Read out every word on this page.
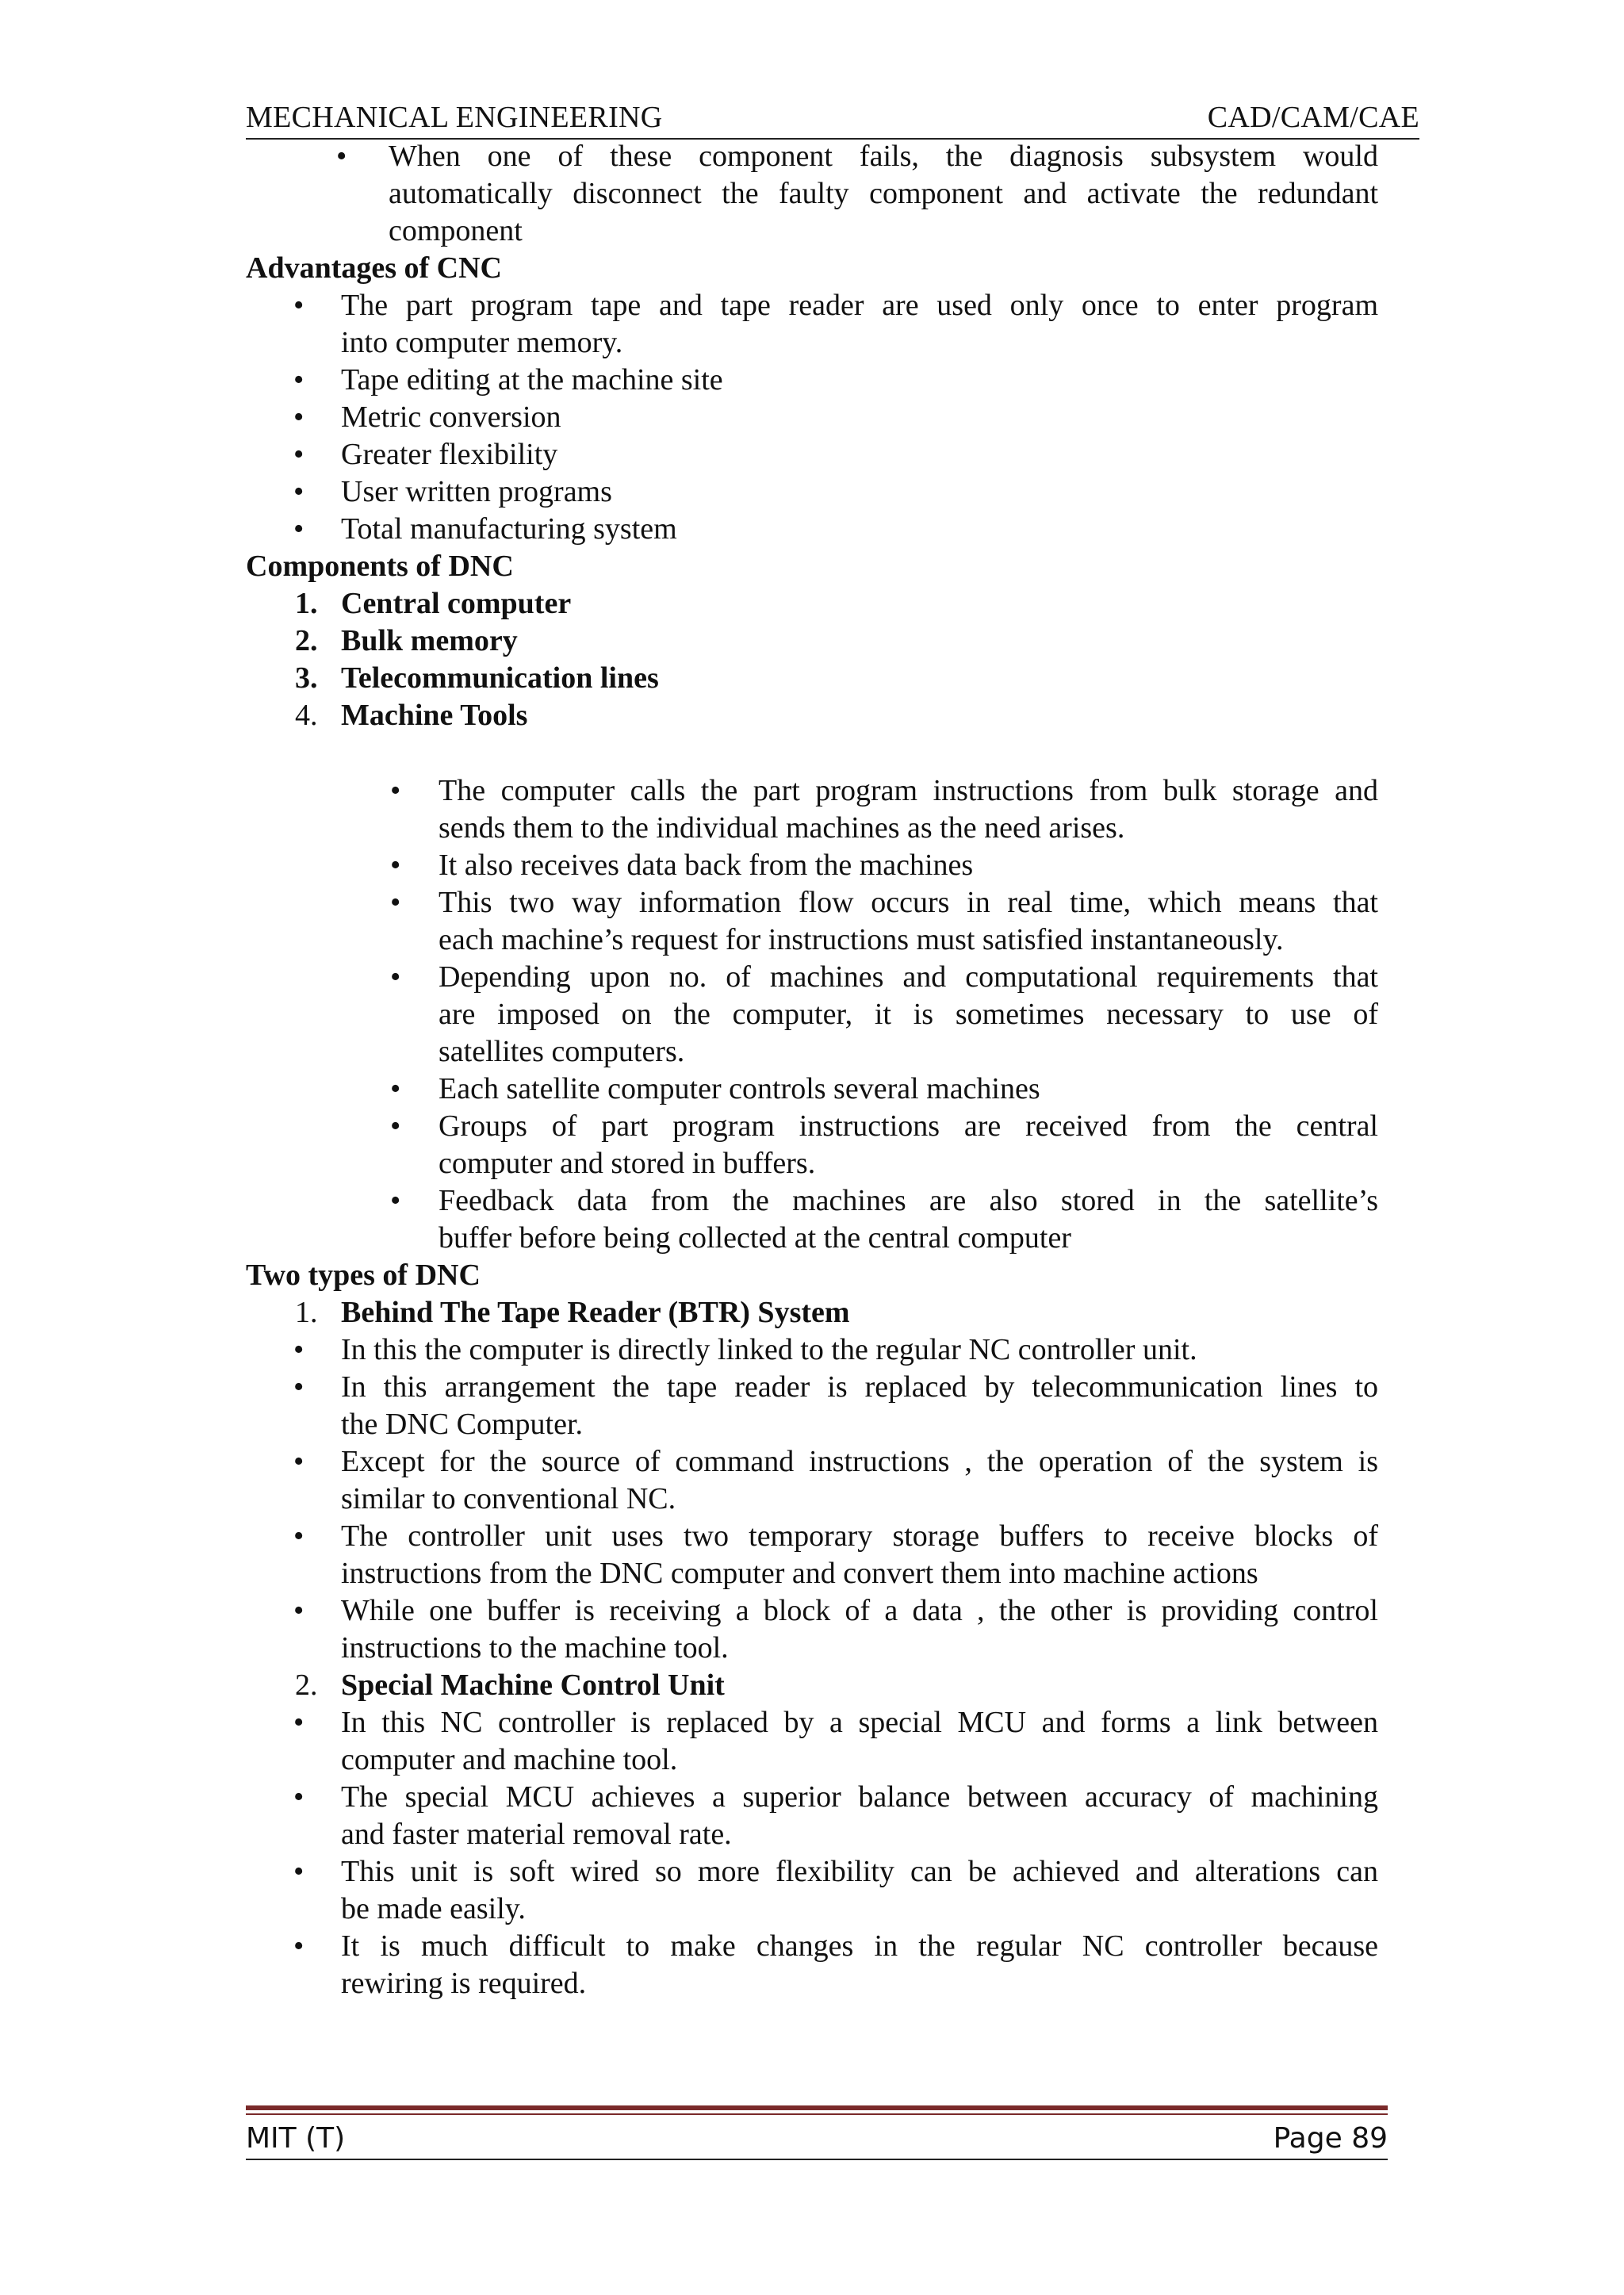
MECHANICAL ENGINEERING	CAD/CAM/CAE
• When one of these component fails, the diagnosis subsystem would
automatically disconnect the faulty component and activate the redundant
component
Advantages of CNC
• The part program tape and tape reader are used only once to enter program
into computer memory.
• Tape editing at the machine site
• Metric conversion
• Greater flexibility
• User written programs
• Total manufacturing system
Components of DNC
1. Central computer
2. Bulk memory
3. Telecommunication lines
4. Machine Tools
• The computer calls the part program instructions from bulk storage and
sends them to the individual machines as the need arises.
• It also receives data back from the machines
• This two way information flow occurs in real time, which means that
each machine’s request for instructions must satisfied instantaneously.
• Depending upon no. of machines and computational requirements that
are imposed on the computer, it is sometimes necessary to use of
satellites computers.
• Each satellite computer controls several machines
• Groups of part program instructions are received from the central
computer and stored in buffers.
• Feedback data from the machines are also stored in the satellite’s
buffer before being collected at the central computer
Two types of DNC
1. Behind The Tape Reader (BTR) System
• In this the computer is directly linked to the regular NC controller unit.
• In this arrangement the tape reader is replaced by telecommunication lines to
the DNC Computer.
• Except for the source of command instructions , the operation of the system is
similar to conventional NC.
• The controller unit uses two temporary storage buffers to receive blocks of
instructions from the DNC computer and convert them into machine actions
• While one buffer is receiving a block of a data , the other is providing control
instructions to the machine tool.
2. Special Machine Control Unit
• In this NC controller is replaced by a special MCU and forms a link between
computer and machine tool.
• The special MCU achieves a superior balance between accuracy of machining
and faster material removal rate.
• This unit is soft wired so more flexibility can be achieved and alterations can
be made easily.
• It is much difficult to make changes in the regular NC controller because
rewiring is required.
MIT (T)	Page 89
